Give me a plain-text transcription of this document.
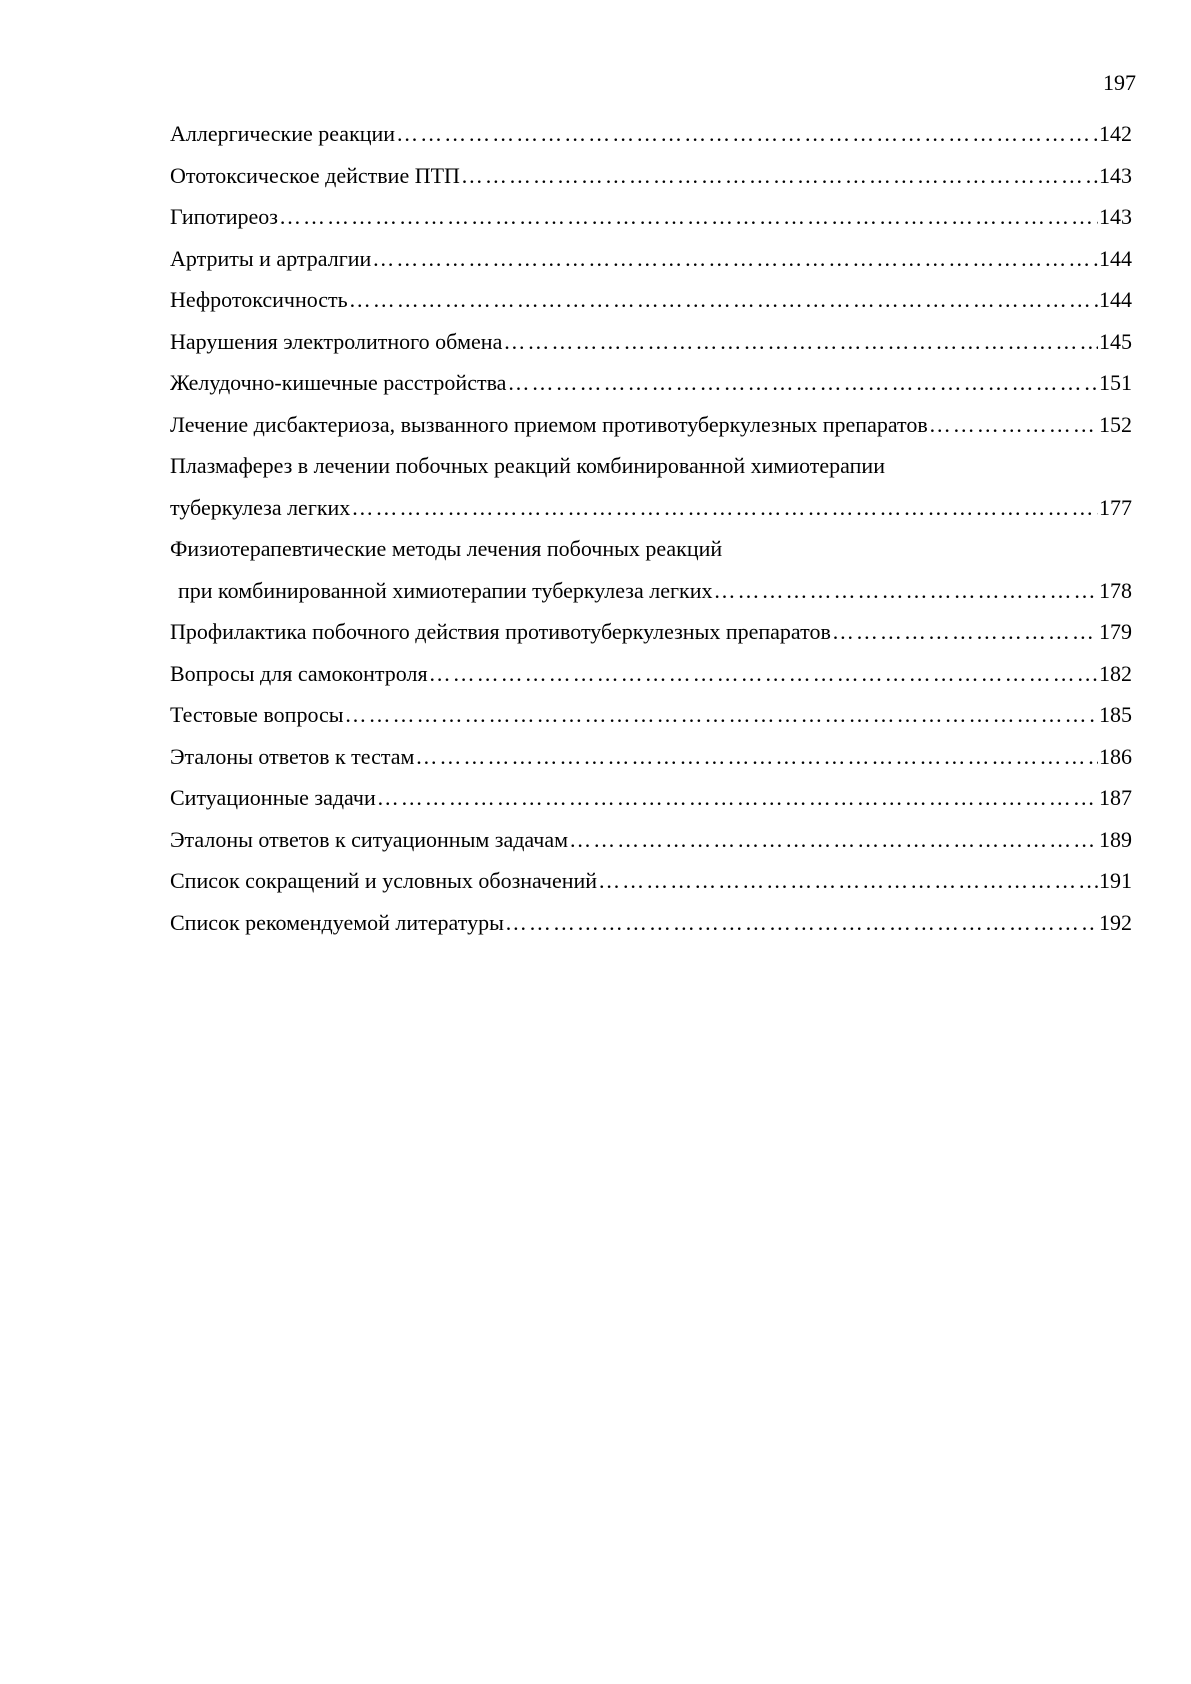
197
Аллергические реакции ……………………………………………………………………………………………………………………………………………………………………………………	142
Ототоксическое действие ПТП ……………………………………………………………………………………………………………………………………………………………………………………	143
Гипотиреоз ……………………………………………………………………………………………………………………………………………………………………………………	143
Артриты и артралгии ……………………………………………………………………………………………………………………………………………………………………………………	144
Нефротоксичность ……………………………………………………………………………………………………………………………………………………………………………………	144
Нарушения электролитного обмена ……………………………………………………………………………………………………………………………………………………………………………………	145
Желудочно-кишечные расстройства ……………………………………………………………………………………………………………………………………………………………………………………	151
Лечение дисбактериоза, вызванного приемом противотуберкулезных препаратов ……………………………………………………………………………………………………………………………………………………………………………………	152
Плазмаферез в лечении побочных реакций комбинированной химиотерапии
туберкулеза легких ……………………………………………………………………………………………………………………………………………………………………………………	177
Физиотерапевтические методы лечения побочных реакций
при комбинированной химиотерапии туберкулеза легких ……………………………………………………………………………………………………………………………………………………………………………………	178
Профилактика побочного действия противотуберкулезных препаратов ……………………………………………………………………………………………………………………………………………………………………………………	179
Вопросы для самоконтроля ……………………………………………………………………………………………………………………………………………………………………………………	182
Тестовые вопросы ……………………………………………………………………………………………………………………………………………………………………………………	185
Эталоны ответов к тестам ……………………………………………………………………………………………………………………………………………………………………………………	186
Ситуационные задачи ……………………………………………………………………………………………………………………………………………………………………………………	187
Эталоны ответов к ситуационным задачам ……………………………………………………………………………………………………………………………………………………………………………………	189
Список сокращений и условных обозначений ……………………………………………………………………………………………………………………………………………………………………………………	191
Список рекомендуемой литературы ……………………………………………………………………………………………………………………………………………………………………………………	192
